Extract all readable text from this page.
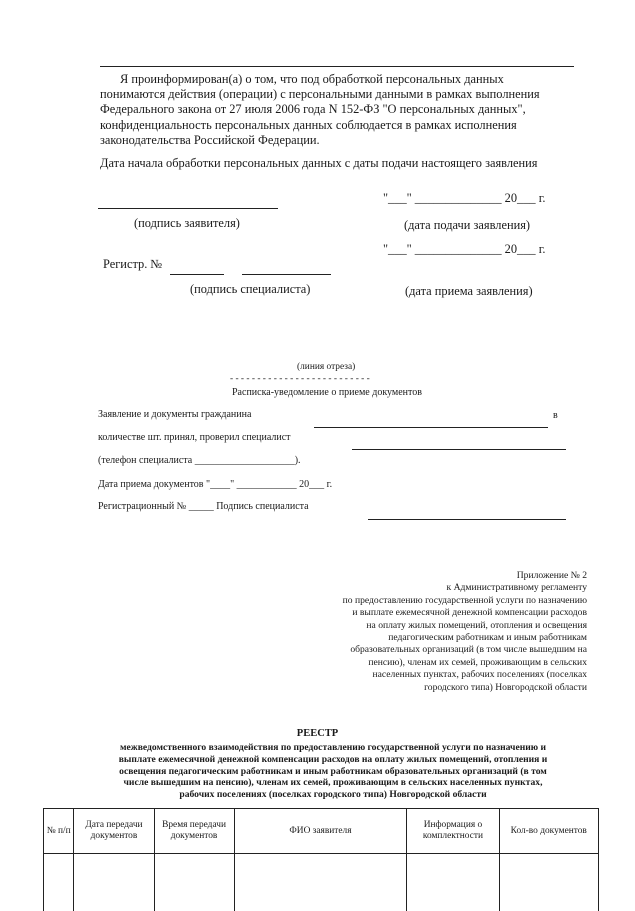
Я проинформирован(а) о том, что под обработкой персональных данных
понимаются действия (операции) с персональными данными в рамках выполнения
Федерального закона от 27 июля 2006 года N 152-ФЗ "О персональных данных",
конфиденциальность персональных данных соблюдается в рамках исполнения
законодательства Российской Федерации.
Дата начала обработки персональных данных с даты подачи настоящего заявления
"___" ______________ 20___ г.
(подпись заявителя)	(дата подачи заявления)
"___" ______________ 20___ г.
Регистр. №
(подпись специалиста)	(дата приема заявления)
(линия отреза)
- - - - - - - - - - - - - - - - - - - - - - - - - -
Расписка-уведомление о приеме документов
Заявление и документы гражданина	в
количестве шт. принял, проверил специалист
(телефон специалиста ____________________).
Дата приема документов "____" ____________ 20___ г.
Регистрационный № _____ Подпись специалиста
Приложение № 2
к Административному регламенту
по предоставлению государственной услуги по назначению
и выплате ежемесячной денежной компенсации расходов
на оплату жилых помещений, отопления и освещения
педагогическим работникам и иным работникам
образовательных организаций (в том числе вышедшим на
пенсию), членам их семей, проживающим в сельских
населенных пунктах, рабочих поселениях (поселках
городского типа) Новгородской области
РЕЕСТР
межведомственного взаимодействия по предоставлению государственной услуги по назначению и
выплате ежемесячной денежной компенсации расходов на оплату жилых помещений, отопления и
освещения педагогическим работникам и иным работникам образовательных организаций (в том
числе вышедшим на пенсию), членам их семей, проживающим в сельских населенных пунктах,
рабочих поселениях (поселках городского типа) Новгородской области
№ п/п	Дата передачи документов	Время передачи документов	ФИО заявителя	Информация о комплектности	Кол-во документов
